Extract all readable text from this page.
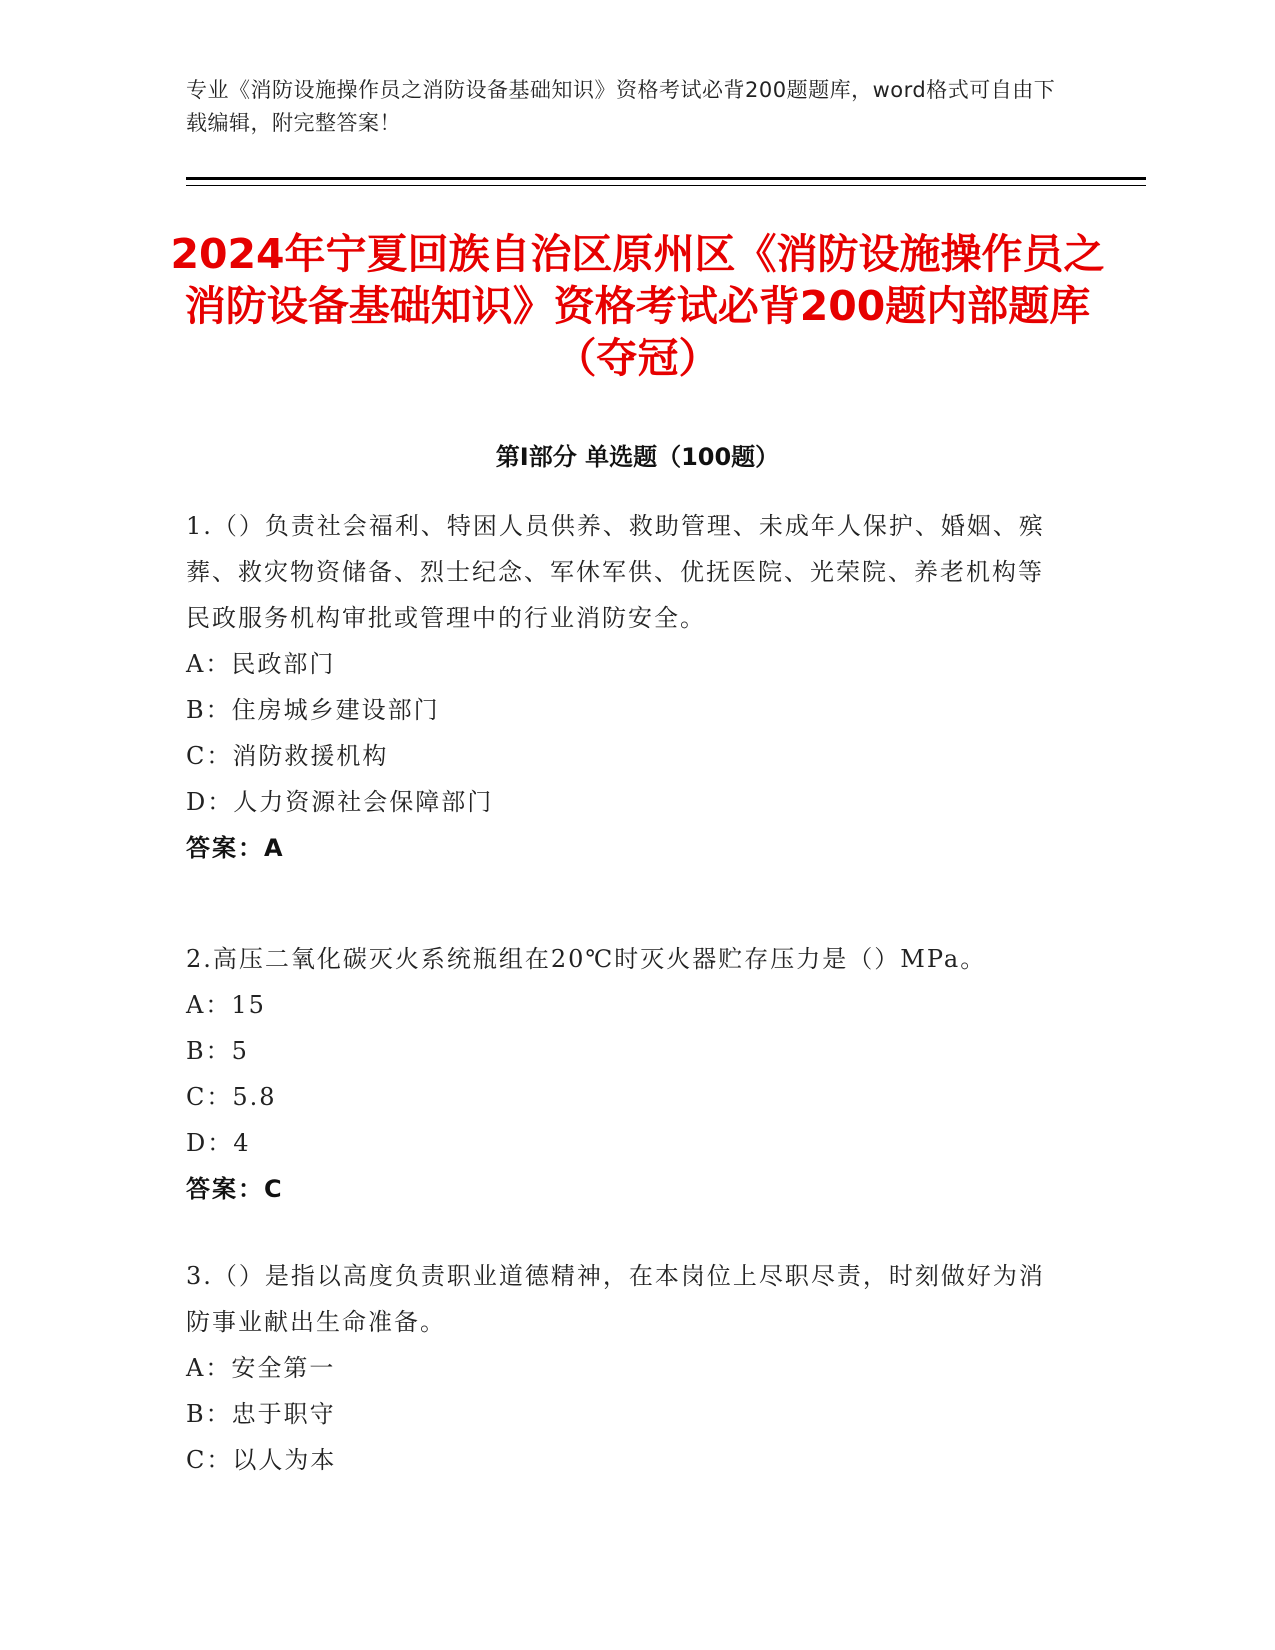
专业《消防设施操作员之消防设备基础知识》资格考试必背200题题库，word格式可自由下载编辑，附完整答案！
2024年宁夏回族自治区原州区《消防设施操作员之消防设备基础知识》资格考试必背200题内部题库（夺冠）
第Ⅰ部分 单选题（100题）

1.（）负责社会福利、特困人员供养、救助管理、未成年人保护、婚姻、殡葬、救灾物资储备、烈士纪念、军休军供、优抚医院、光荣院、养老机构等民政服务机构审批或管理中的行业消防安全。

A：民政部门

B：住房城乡建设部门

C：消防救援机构

D：人力资源社会保障部门

答案：A

2.高压二氧化碳灭火系统瓶组在20℃时灭火器贮存压力是（）MPa。

A：15

B：5

C：5.8

D：4

答案：C

3.（）是指以高度负责职业道德精神，在本岗位上尽职尽责，时刻做好为消防事业献出生命准备。

A：安全第一

B：忠于职守

C：以人为本
